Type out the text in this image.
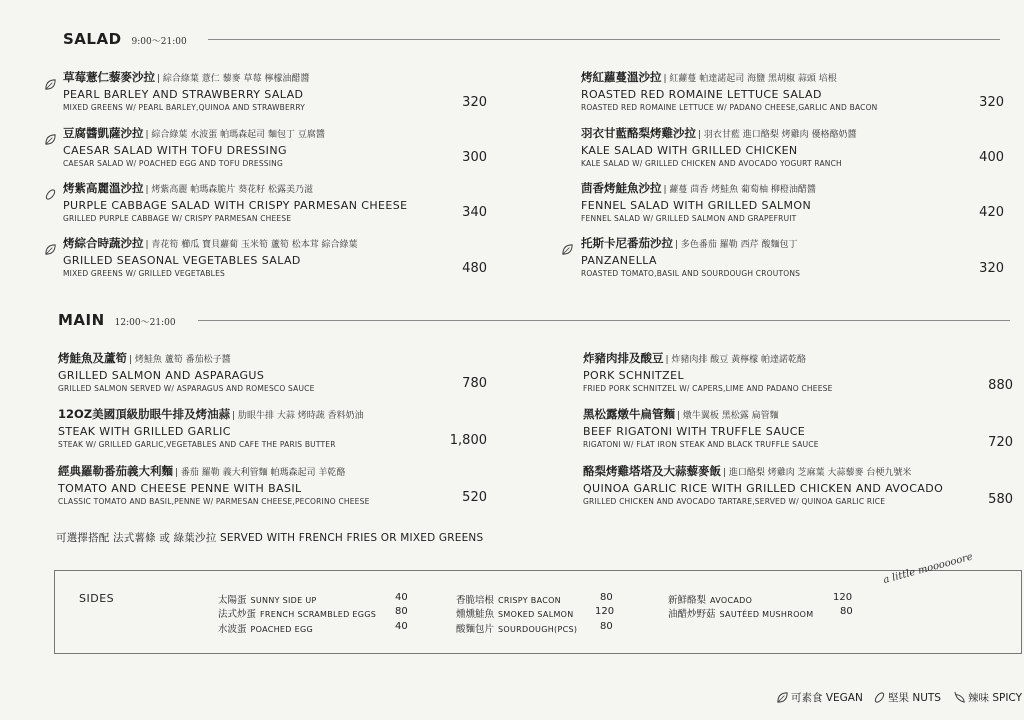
SALAD 9:00～21:00
草莓薏仁藜麥沙拉 | 綜合綠葉 薏仁 藜麥 草莓 檸檬油醋醬
PEARL BARLEY AND STRAWBERRY SALAD
MIXED GREENS W/ PEARL BARLEY,QUINOA AND STRAWBERRY	320
豆腐醬凱薩沙拉 | 綜合綠葉 水波蛋 帕瑪森起司 麵包丁 豆腐醬
CAESAR SALAD WITH TOFU DRESSING
CAESAR SALAD W/ POACHED EGG AND TOFU DRESSING	300
烤紫高麗溫沙拉 | 烤紫高麗 帕瑪森脆片 葵花籽 松露美乃滋
PURPLE CABBAGE SALAD WITH CRISPY PARMESAN CHEESE
GRILLED PURPLE CABBAGE W/ CRISPY PARMESAN CHEESE	340
烤綜合時蔬沙拉 | 青花筍 櫛瓜 寶貝蘿蔔 玉米筍 蘆筍 松本茸 綜合綠葉
GRILLED SEASONAL VEGETABLES SALAD
MIXED GREENS W/ GRILLED VEGETABLES	480
烤紅蘿蔓溫沙拉 | 紅蘿蔓 帕達諾起司 海鹽 黑胡椒 蒜頭 培根
ROASTED RED ROMAINE LETTUCE SALAD
ROASTED RED ROMAINE LETTUCE W/ PADANO CHEESE,GARLIC AND BACON	320
羽衣甘藍酪梨烤雞沙拉 | 羽衣甘藍 進口酪梨 烤雞肉 優格酪奶醬
KALE SALAD WITH GRILLED CHICKEN
KALE SALAD W/ GRILLED CHICKEN AND AVOCADO YOGURT RANCH	400
茴香烤鮭魚沙拉 | 蘿蔓 茴香 烤鮭魚 葡萄柚 柳橙油醋醬
FENNEL SALAD WITH GRILLED SALMON
FENNEL SALAD W/ GRILLED SALMON AND GRAPEFRUIT	420
托斯卡尼番茄沙拉 | 多色番茄 羅勒 西芹 酸麵包丁
PANZANELLA
ROASTED TOMATO,BASIL AND SOURDOUGH CROUTONS	320
MAIN 12:00～21:00
烤鮭魚及蘆筍 | 烤鮭魚 蘆筍 番茄松子醬
GRILLED SALMON AND ASPARAGUS
GRILLED SALMON SERVED W/ ASPARAGUS AND ROMESCO SAUCE	780
12OZ美國頂級肋眼牛排及烤油蒜 | 肋眼牛排 大蒜 烤時蔬 香料奶油
STEAK WITH GRILLED GARLIC
STEAK W/ GRILLED GARLIC,VEGETABLES AND CAFE THE PARIS BUTTER	1,800
經典羅勒番茄義大利麵 | 番茄 羅勒 義大利管麵 帕瑪森起司 羊乾酪
TOMATO AND CHEESE PENNE WITH BASIL
CLASSIC TOMATO AND BASIL,PENNE W/ PARMESAN CHEESE,PECORINO CHEESE	520
炸豬肉排及酸豆 | 炸豬肉排 酸豆 黃檸檬 帕達諾乾酪
PORK SCHNITZEL
FRIED PORK SCHNITZEL W/ CAPERS,LIME AND PADANO CHEESE	880
黑松露燉牛扁管麵 | 燉牛翼板 黑松露 扁管麵
BEEF RIGATONI WITH TRUFFLE SAUCE
RIGATONI W/ FLAT IRON STEAK AND BLACK TRUFFLE SAUCE	720
酪梨烤雞塔塔及大蒜藜麥飯 | 進口酪梨 烤雞肉 芝麻葉 大蒜藜麥 台梗九號米
QUINOA GARLIC RICE WITH GRILLED CHICKEN AND AVOCADO
GRILLED CHICKEN AND AVOCADO TARTARE,SERVED W/ QUINOA GARLIC RICE	580
可選擇搭配 法式薯條 或 綠葉沙拉 SERVED WITH FRENCH FRIES OR MIXED GREENS
SIDES
a little moooooore
太陽蛋 SUNNY SIDE UP	40
法式炒蛋 FRENCH SCRAMBLED EGGS 80
水波蛋 POACHED EGG	40
香脆培根 CRISPY BACON	80
燻燻鮭魚 SMOKED SALMON 120
酸麵包片 SOURDOUGH(PCS) 80
新鮮酪梨 AVOCADO	120
油醋炒野菇 SAUTÉED MUSHROOM	80
可素食 VEGAN 堅果 NUTS	辣味 SPICY
